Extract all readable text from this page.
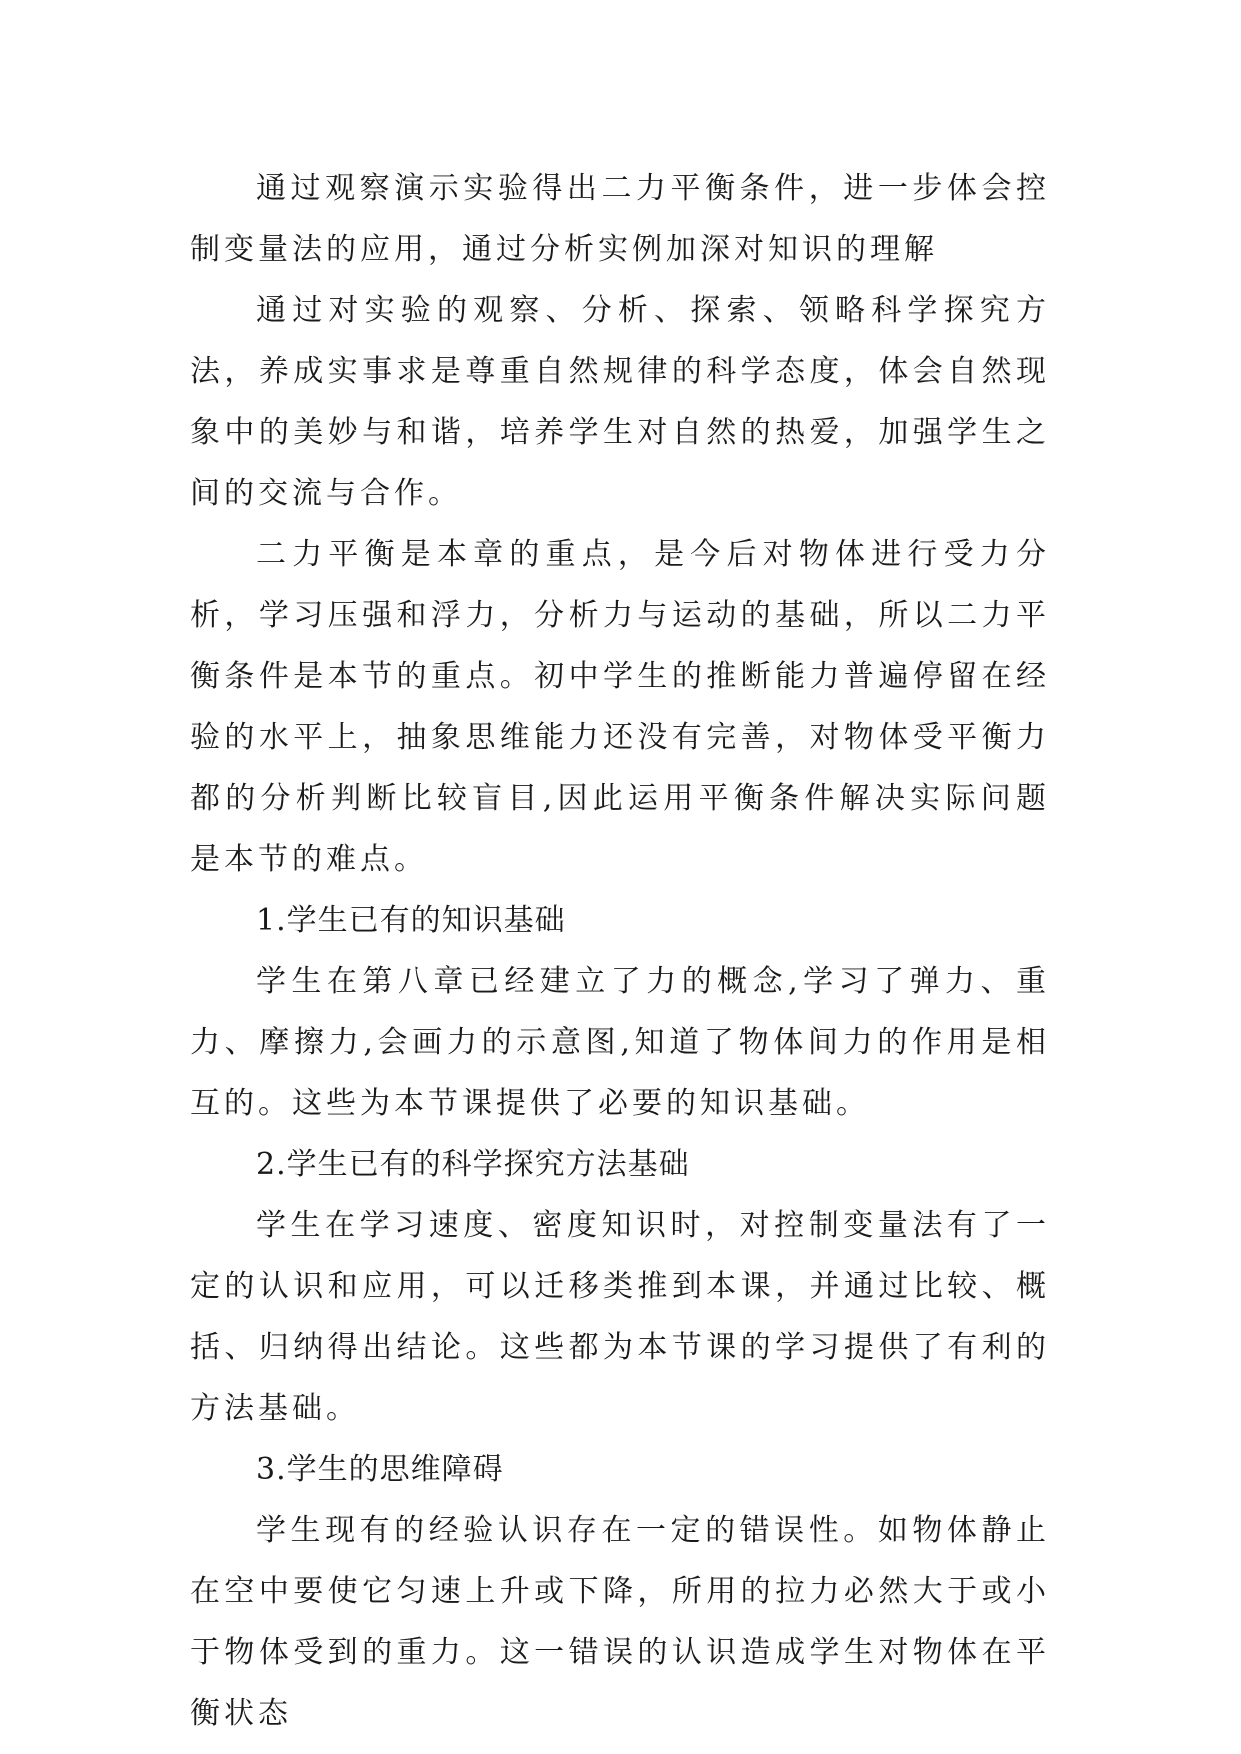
通过观察演示实验得出二力平衡条件，进一步体会控制变量法的应用，通过分析实例加深对知识的理解

通过对实验的观察、分析、探索、领略科学探究方法，养成实事求是尊重自然规律的科学态度，体会自然现象中的美妙与和谐，培养学生对自然的热爱，加强学生之间的交流与合作。

二力平衡是本章的重点，是今后对物体进行受力分析，学习压强和浮力，分析力与运动的基础，所以二力平衡条件是本节的重点。初中学生的推断能力普遍停留在经验的水平上，抽象思维能力还没有完善，对物体受平衡力都的分析判断比较盲目,因此运用平衡条件解决实际问题是本节的难点。

1.学生已有的知识基础

学生在第八章已经建立了力的概念,学习了弹力、重力、摩擦力,会画力的示意图,知道了物体间力的作用是相互的。这些为本节课提供了必要的知识基础。

2.学生已有的科学探究方法基础

学生在学习速度、密度知识时，对控制变量法有了一定的认识和应用，可以迁移类推到本课，并通过比较、概括、归纳得出结论。这些都为本节课的学习提供了有利的方法基础。

3.学生的思维障碍

学生现有的经验认识存在一定的错误性。如物体静止在空中要使它匀速上升或下降，所用的拉力必然大于或小于物体受到的重力。这一错误的认识造成学生对物体在平衡状态
